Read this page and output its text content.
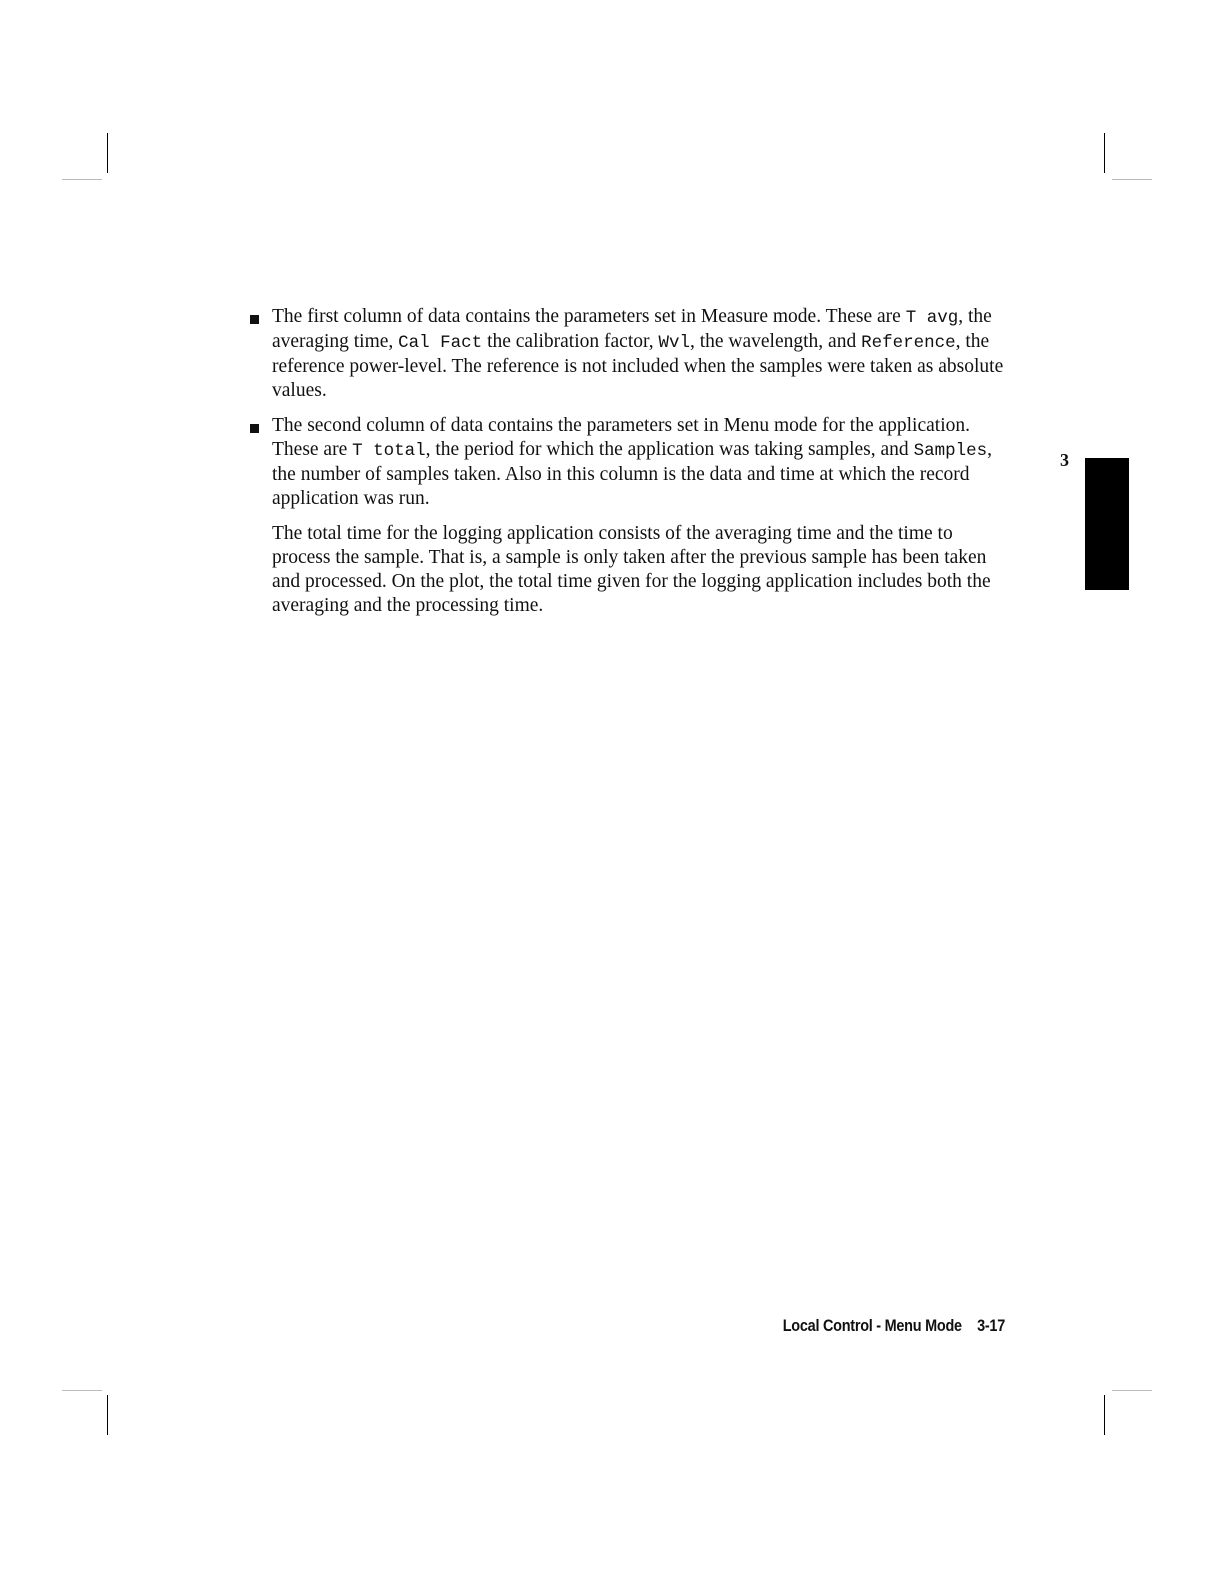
The first column of data contains the parameters set in Measure mode. These are T avg, the averaging time, Cal Fact the calibration factor, Wvl, the wavelength, and Reference, the reference power-level. The reference is not included when the samples were taken as absolute values.
The second column of data contains the parameters set in Menu mode for the application. These are T total, the period for which the application was taking samples, and Samples, the number of samples taken. Also in this column is the data and time at which the record application was run.

The total time for the logging application consists of the averaging time and the time to process the sample. That is, a sample is only taken after the previous sample has been taken and processed. On the plot, the total time given for the logging application includes both the averaging and the processing time.

3
Local Control - Menu Mode 3-17
